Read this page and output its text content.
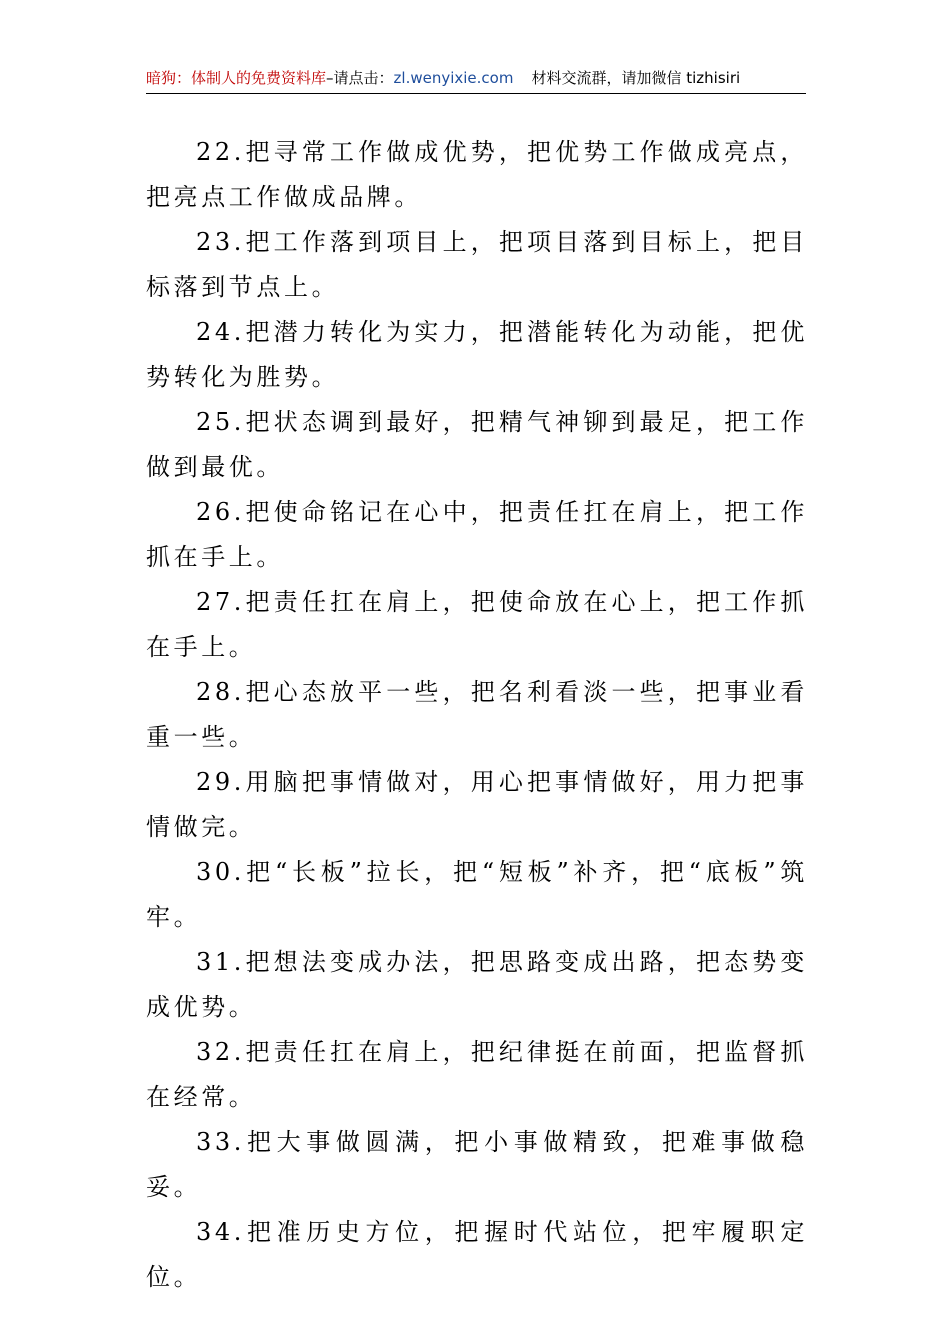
暗狗：体制人的免费资料库 –请点击： zl.wenyixie.com 材料交流群，请加微信 tizhisiri

22.把寻常工作做成优势，把优势工作做成亮点，把亮点工作做成品牌。

23.把工作落到项目上，把项目落到目标上，把目标落到节点上。

24.把潜力转化为实力，把潜能转化为动能，把优势转化为胜势。

25.把状态调到最好，把精气神铆到最足，把工作做到最优。

26.把使命铭记在心中，把责任扛在肩上，把工作抓在手上。

27.把责任扛在肩上，把使命放在心上，把工作抓在手上。

28.把心态放平一些，把名利看淡一些，把事业看重一些。

29.用脑把事情做对，用心把事情做好，用力把事情做完。

30.把“长板”拉长，把“短板”补齐，把“底板”筑牢。

31.把想法变成办法，把思路变成出路，把态势变成优势。

32.把责任扛在肩上，把纪律挺在前面，把监督抓在经常。

33.把大事做圆满，把小事做精致，把难事做稳妥。

34.把准历史方位，把握时代站位，把牢履职定位。
